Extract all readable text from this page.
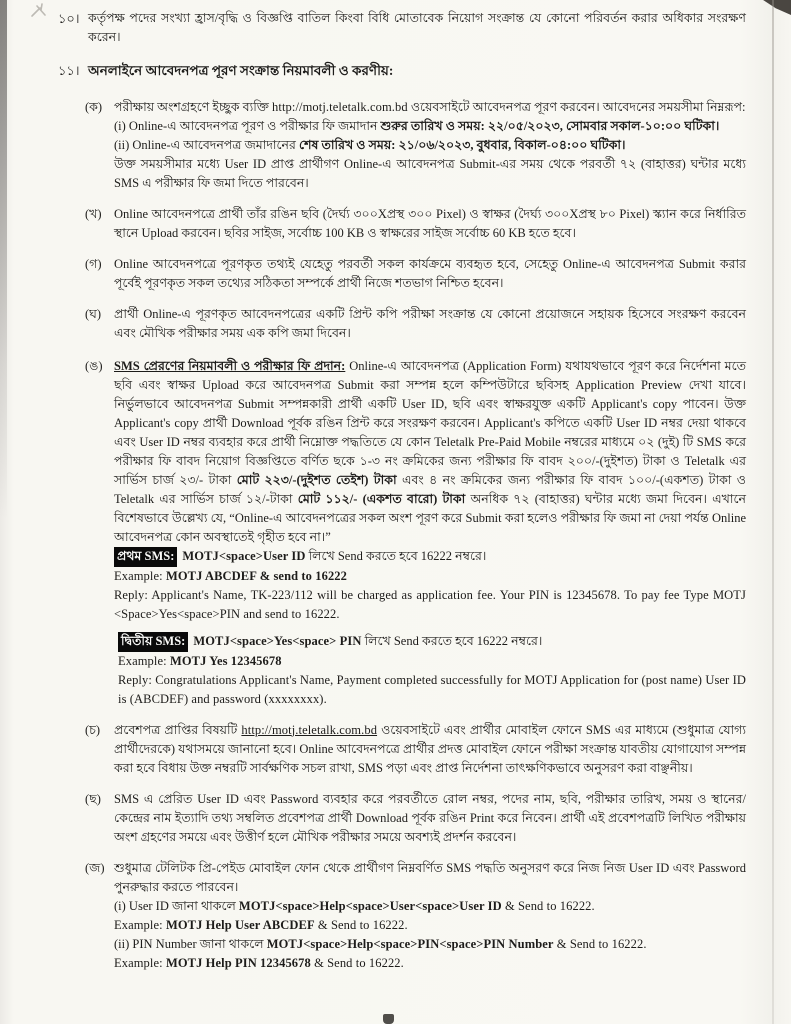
১০। কর্তৃপক্ষ পদের সংখ্যা হ্রাস/বৃদ্ধি ও বিজ্ঞপ্তি বাতিল কিংবা বিধি মোতাবেক নিয়োগ সংক্রান্ত যে কোনো পরিবর্তন করার অধিকার সংরক্ষণ করেন।
১১। অনলাইনে আবেদনপত্র পূরণ সংক্রান্ত নিয়মাবলী ও করণীয়:
(ক) পরীক্ষায় অংশগ্রহণে ইচ্ছুক ব্যক্তি http://motj.teletalk.com.bd ওয়েবসাইটে আবেদনপত্র পূরণ করবেন। আবেদনের সময়সীমা নিম্নরূপ:
(i) Online-এ আবেদনপত্র পূরণ ও পরীক্ষার ফি জমাদান শুরুর তারিখ ও সময়: ২২/০৫/২০২৩, সোমবার সকাল-১০:০০ ঘটিকা।
(ii) Online-এ আবেদনপত্র জমাদানের শেষ তারিখ ও সময়: ২১/০৬/২০২৩, বুধবার, বিকাল-০৪:০০ ঘটিকা।
উক্ত সময়সীমার মধ্যে User ID প্রাপ্ত প্রার্থীগণ Online-এ আবেদনপত্র Submit-এর সময় থেকে পরবর্তী ৭২ (বাহাত্তর) ঘন্টার মধ্যে SMS এ পরীক্ষার ফি জমা দিতে পারবেন।
(খ) Online আবেদনপত্রে প্রার্থী তাঁর রঙিন ছবি (দৈর্ঘ্য ৩০০Xপ্রস্থ ৩০০ Pixel) ও স্বাক্ষর (দৈর্ঘ্য ৩০০Xপ্রস্থ ৮০ Pixel) স্ক্যান করে নির্ধারিত স্থানে Upload করবেন। ছবির সাইজ, সর্বোচ্চ 100 KB ও স্বাক্ষরের সাইজ সর্বোচ্চ 60 KB হতে হবে।
(গ) Online আবেদনপত্রে পূরণকৃত তথ্যই যেহেতু পরবর্তী সকল কার্যক্রমে ব্যবহৃত হবে, সেহেতু Online-এ আবেদনপত্র Submit করার পূর্বেই পূরণকৃত সকল তথ্যের সঠিকতা সম্পর্কে প্রার্থী নিজে শতভাগ নিশ্চিত হবেন।
(ঘ)	প্রার্থী Online-এ পূরণকৃত আবেদনপত্রের একটি প্রিন্ট কপি পরীক্ষা সংক্রান্ত যে কোনো প্রয়োজনে সহায়ক হিসেবে সংরক্ষণ করবেন এবং মৌখিক পরীক্ষার সময় এক কপি জমা দিবেন।
(ঙ) SMS প্রেরণের নিয়মাবলী ও পরীক্ষার ফি প্রদান: Online-এ আবেদনপত্র (Application Form) যথাযথভাবে পূরণ করে নির্দেশনা মতে ছবি এবং স্বাক্ষর Upload করে আবেদনপত্র Submit করা সম্পন্ন হলে কম্পিউটারে ছবিসহ Application Preview দেখা যাবে। নির্ভুলভাবে আবেদনপত্র Submit সম্পন্নকারী প্রার্থী একটি User ID, ছবি এবং স্বাক্ষরযুক্ত একটি Applicant's copy পাবেন। উক্ত Applicant's copy প্রার্থী Download পূর্বক রঙিন প্রিন্ট করে সংরক্ষণ করবেন। Applicant's কপিতে একটি User ID নম্বর দেয়া থাকবে এবং User ID নম্বর ব্যবহার করে প্রার্থী নিম্নোক্ত পদ্ধতিতে যে কোন Teletalk Pre-Paid Mobile নম্বরের মাধ্যমে ০২ (দুই) টি SMS করে পরীক্ষার ফি বাবদ নিয়োগ বিজ্ঞপ্তিতে বর্ণিত ছকে ১-৩ নং ক্রমিকের জন্য পরীক্ষার ফি বাবদ ২০০/-(দুইশত) টাকা ও Teletalk এর সার্ভিস চার্জ ২৩/- টাকা মোট ২২৩/-(দুইশত তেইশ) টাকা এবং ৪ নং ক্রমিকের জন্য পরীক্ষার ফি বাবদ ১০০/-(একশত) টাকা ও Teletalk এর সার্ভিস চার্জ ১২/-টাকা মোট ১১২/- (একশত বারো) টাকা অনধিক ৭২ (বাহাত্তর) ঘন্টার মধ্যে জমা দিবেন। এখানে বিশেষভাবে উল্লেখ্য যে, “Online-এ আবেদনপত্রের সকল অংশ পূরণ করে Submit করা হলেও পরীক্ষার ফি জমা না দেয়া পর্যন্ত Online আবেদনপত্র কোন অবস্থাতেই গৃহীত হবে না।”
প্রথম SMS: MOTJ<space>User ID লিখে Send করতে হবে 16222 নম্বরে।
Example: MOTJ ABCDEF & send to 16222
Reply: Applicant's Name, TK-223/112 will be charged as application fee. Your PIN is 12345678. To pay fee Type MOTJ <Space>Yes<space>PIN and send to 16222.
দ্বিতীয় SMS: MOTJ<space>Yes<space> PIN লিখে Send করতে হবে 16222 নম্বরে।
Example: MOTJ Yes 12345678
Reply: Congratulations Applicant's Name, Payment completed successfully for MOTJ Application for (post name) User ID is (ABCDEF) and password (xxxxxxxx).
(চ)	প্রবেশপত্র প্রাপ্তির বিষয়টি http://motj.teletalk.com.bd ওয়েবসাইটে এবং প্রার্থীর মোবাইল ফোনে SMS এর মাধ্যমে (শুধুমাত্র যোগ্য প্রার্থীদেরকে) যথাসময়ে জানানো হবে। Online আবেদনপত্রে প্রার্থীর প্রদত্ত মোবাইল ফোনে পরীক্ষা সংক্রান্ত যাবতীয় যোগাযোগ সম্পন্ন করা হবে বিধায় উক্ত নম্বরটি সার্বক্ষণিক সচল রাখা, SMS পড়া এবং প্রাপ্ত নির্দেশনা তাৎক্ষণিকভাবে অনুসরণ করা বাঞ্ছনীয়।
(ছ)	SMS এ প্রেরিত User ID এবং Password ব্যবহার করে পরবর্তীতে রোল নম্বর, পদের নাম, ছবি, পরীক্ষার তারিখ, সময় ও স্থানের/কেন্দ্রের নাম ইত্যাদি তথ্য সম্বলিত প্রবেশপত্র প্রার্থী Download পূর্বক রঙিন Print করে নিবেন। প্রার্থী এই প্রবেশপত্রটি লিখিত পরীক্ষায় অংশ গ্রহণের সময়ে এবং উত্তীর্ণ হলে মৌখিক পরীক্ষার সময়ে অবশ্যই প্রদর্শন করবেন।
(জ) শুধুমাত্র টেলিটক প্রি-পেইড মোবাইল ফোন থেকে প্রার্থীগণ নিম্নবর্ণিত SMS পদ্ধতি অনুসরণ করে নিজ নিজ User ID এবং Password পুনরুদ্ধার করতে পারবেন।
(i) User ID জানা থাকলে MOTJ<space>Help<space>User<space>User ID & Send to 16222.
Example: MOTJ Help User ABCDEF & Send to 16222.
(ii) PIN Number জানা থাকলে MOTJ<space>Help<space>PIN<space>PIN Number & Send to 16222.
Example: MOTJ Help PIN 12345678 & Send to 16222.
